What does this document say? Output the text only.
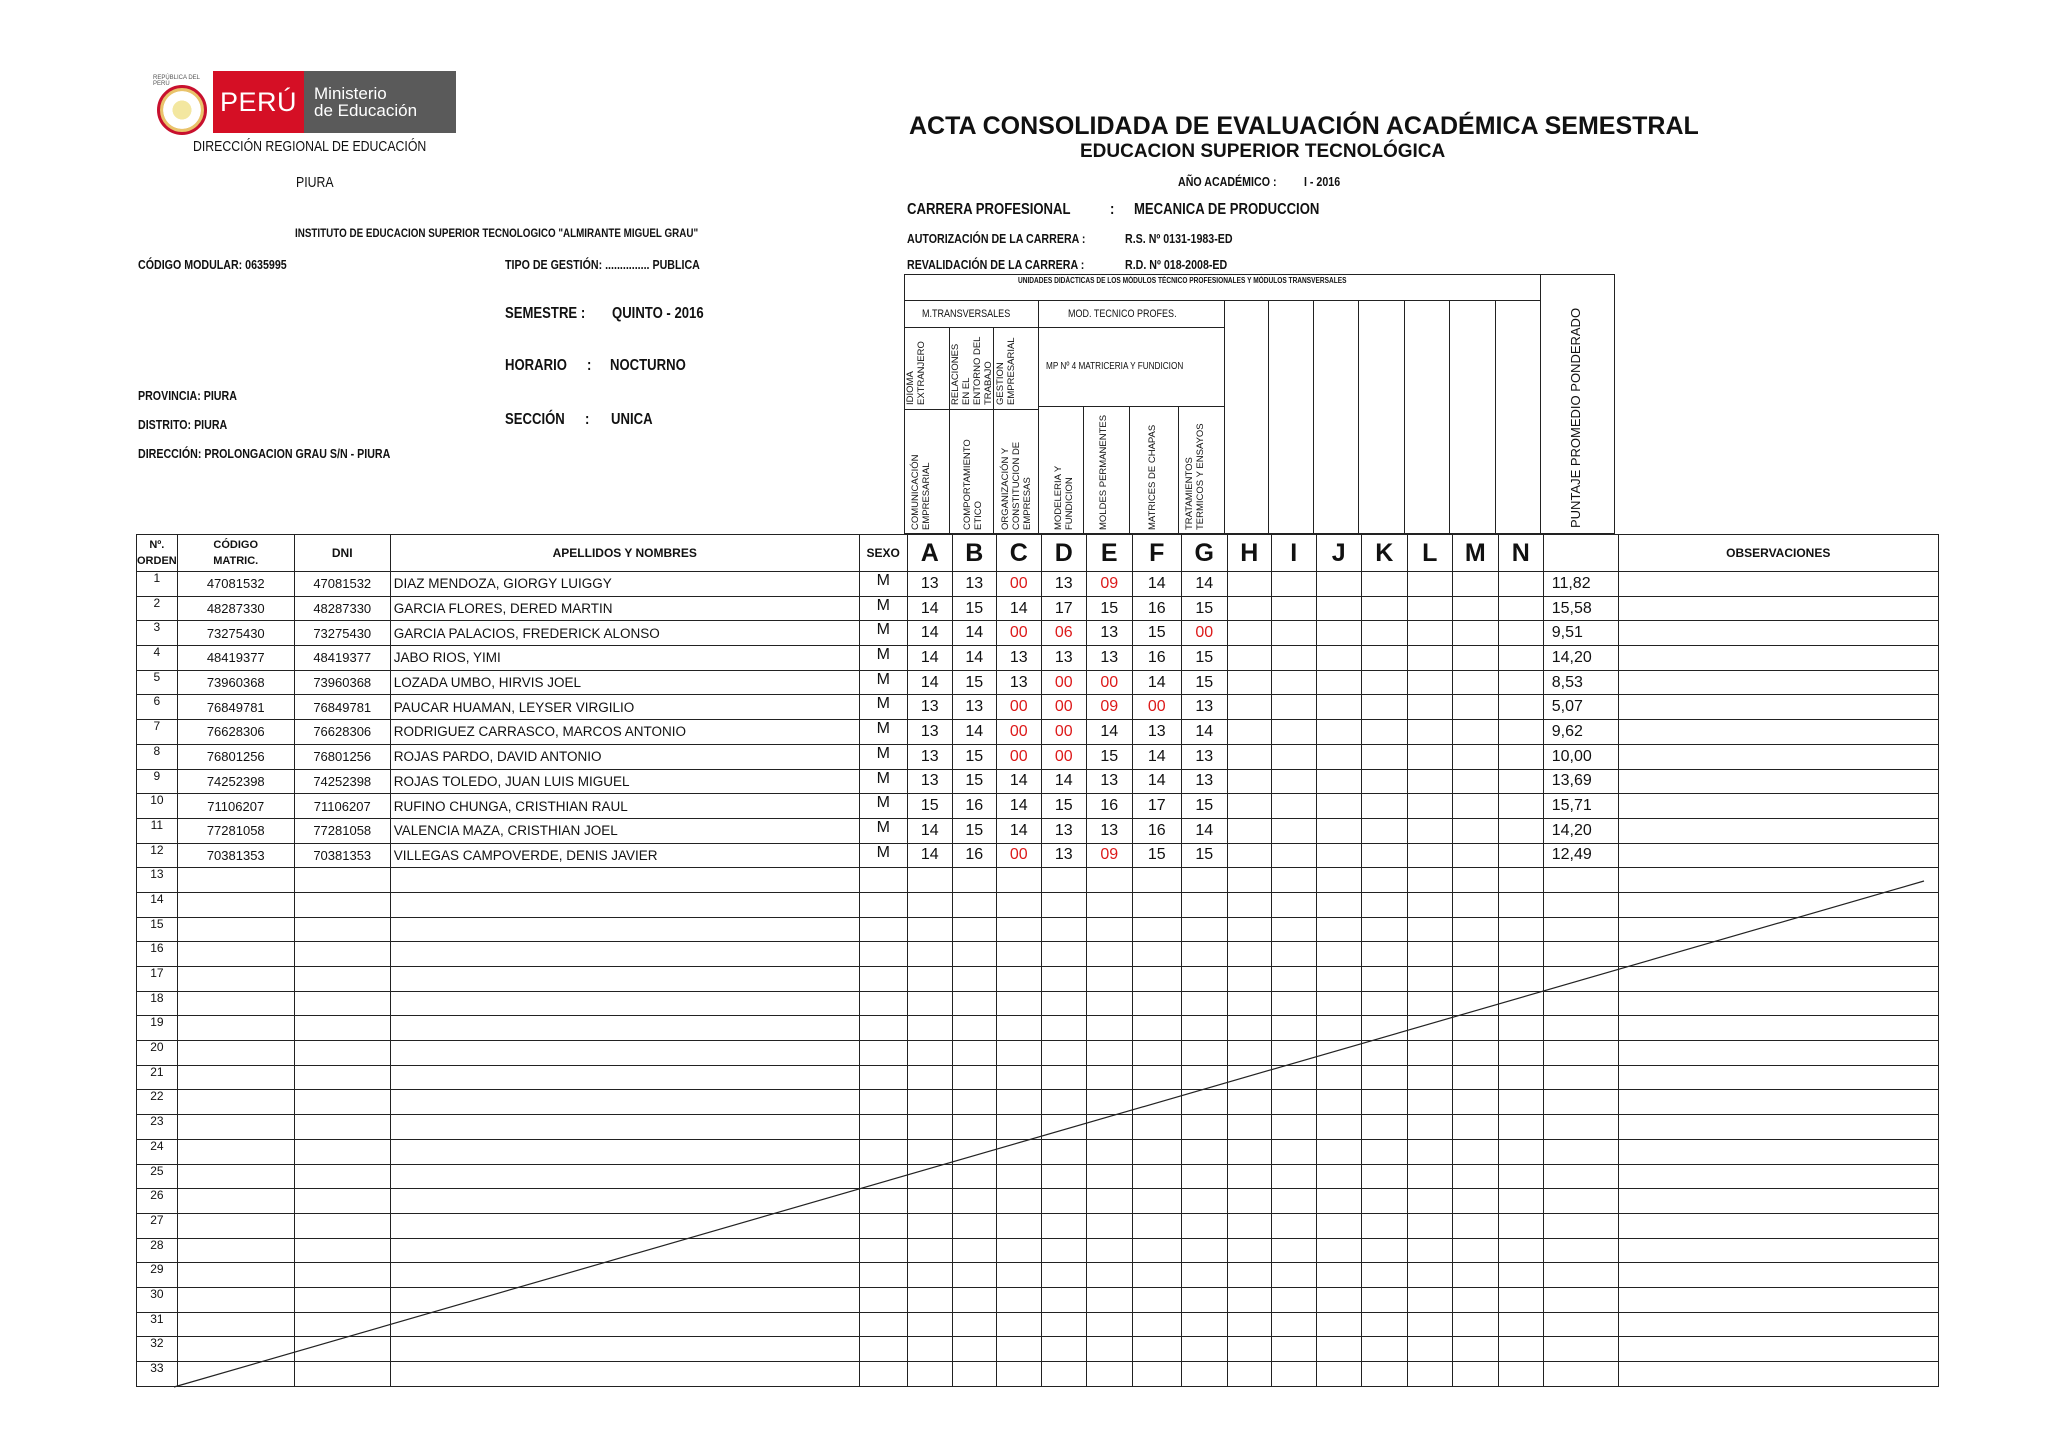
REPÚBLICA DEL PERÚ
PERÚ	Ministerio
de Educación
DIRECCIÓN REGIONAL DE EDUCACIÓN
PIURA
INSTITUTO DE EDUCACION SUPERIOR TECNOLOGICO "ALMIRANTE MIGUEL GRAU"
CÓDIGO MODULAR: 0635995	TIPO DE GESTIÓN: ............... PUBLICA
SEMESTRE :	QUINTO - 2016
HORARIO	: NOCTURNO
SECCIÓN	: UNICA
PROVINCIA: PIURA
DISTRITO: PIURA
DIRECCIÓN: PROLONGACION GRAU S/N - PIURA
ACTA CONSOLIDADA DE EVALUACIÓN ACADÉMICA SEMESTRAL
EDUCACION SUPERIOR TECNOLÓGICA
AÑO ACADÉMICO :	I - 2016
CARRERA PROFESIONAL	: MECANICA DE PRODUCCION
AUTORIZACIÓN DE LA CARRERA :	R.S. Nº 0131-1983-ED
REVALIDACIÓN DE LA CARRERA :	R.D. Nº 018-2008-ED
UNIDADES DIDÁCTICAS DE LOS MÓDULOS TÉCNICO PROFESIONALES Y MÓDULOS TRANSVERSALES
M.TRANSVERSALES	MOD. TECNICO PROFES.
MP Nº 4 MATRICERIA Y FUNDICION
IDIOMA EXTRANJERO RELACIONES EN EL ENTORNO DEL TRABAJO GESTION EMPRESARIAL
COMUNICACIÓN EMPRESARIAL	COMPORTAMIENTO ETICO ORGANIZACIÓN Y CONSTITUCION DE EMPRESAS MODELERIA Y FUNDICION MOLDES PERMANENTES	MATRICES DE CHAPAS	TRATAMIENTOS TERMICOS Y ENSAYOS	PUNTAJE PROMEDIO PONDERADO
Nº.
ORDEN	CÓDIGO
MATRIC.	DNI	APELLIDOS Y NOMBRES	SEXO	A	B	C	D	E	F	G	H	I	J	K	L	M	N		OBSERVACIONES
1	47081532	47081532	DIAZ MENDOZA, GIORGY LUIGGY	M	13	13	00	13	09	14	14								11,82	
2	48287330	48287330	GARCIA FLORES, DERED MARTIN	M	14	15	14	17	15	16	15								15,58	
3	73275430	73275430	GARCIA PALACIOS, FREDERICK ALONSO	M	14	14	00	06	13	15	00								9,51	
4	48419377	48419377	JABO RIOS, YIMI	M	14	14	13	13	13	16	15								14,20	
5	73960368	73960368	LOZADA UMBO, HIRVIS JOEL	M	14	15	13	00	00	14	15								8,53	
6	76849781	76849781	PAUCAR HUAMAN, LEYSER VIRGILIO	M	13	13	00	00	09	00	13								5,07	
7	76628306	76628306	RODRIGUEZ CARRASCO, MARCOS ANTONIO	M	13	14	00	00	14	13	14								9,62	
8	76801256	76801256	ROJAS PARDO, DAVID ANTONIO	M	13	15	00	00	15	14	13								10,00	
9	74252398	74252398	ROJAS TOLEDO, JUAN LUIS MIGUEL	M	13	15	14	14	13	14	13								13,69	
10	71106207	71106207	RUFINO CHUNGA, CRISTHIAN RAUL	M	15	16	14	15	16	17	15								15,71	
11	77281058	77281058	VALENCIA MAZA, CRISTHIAN JOEL	M	14	15	14	13	13	16	14								14,20	
12	70381353	70381353	VILLEGAS CAMPOVERDE, DENIS JAVIER	M	14	16	00	13	09	15	15								12,49	
13																				
14																				
15																				
16																				
17																				
18																				
19																				
20																				
21																				
22																				
23																				
24																				
25																				
26																				
27																				
28																				
29																				
30																				
31																				
32																				
33																				
